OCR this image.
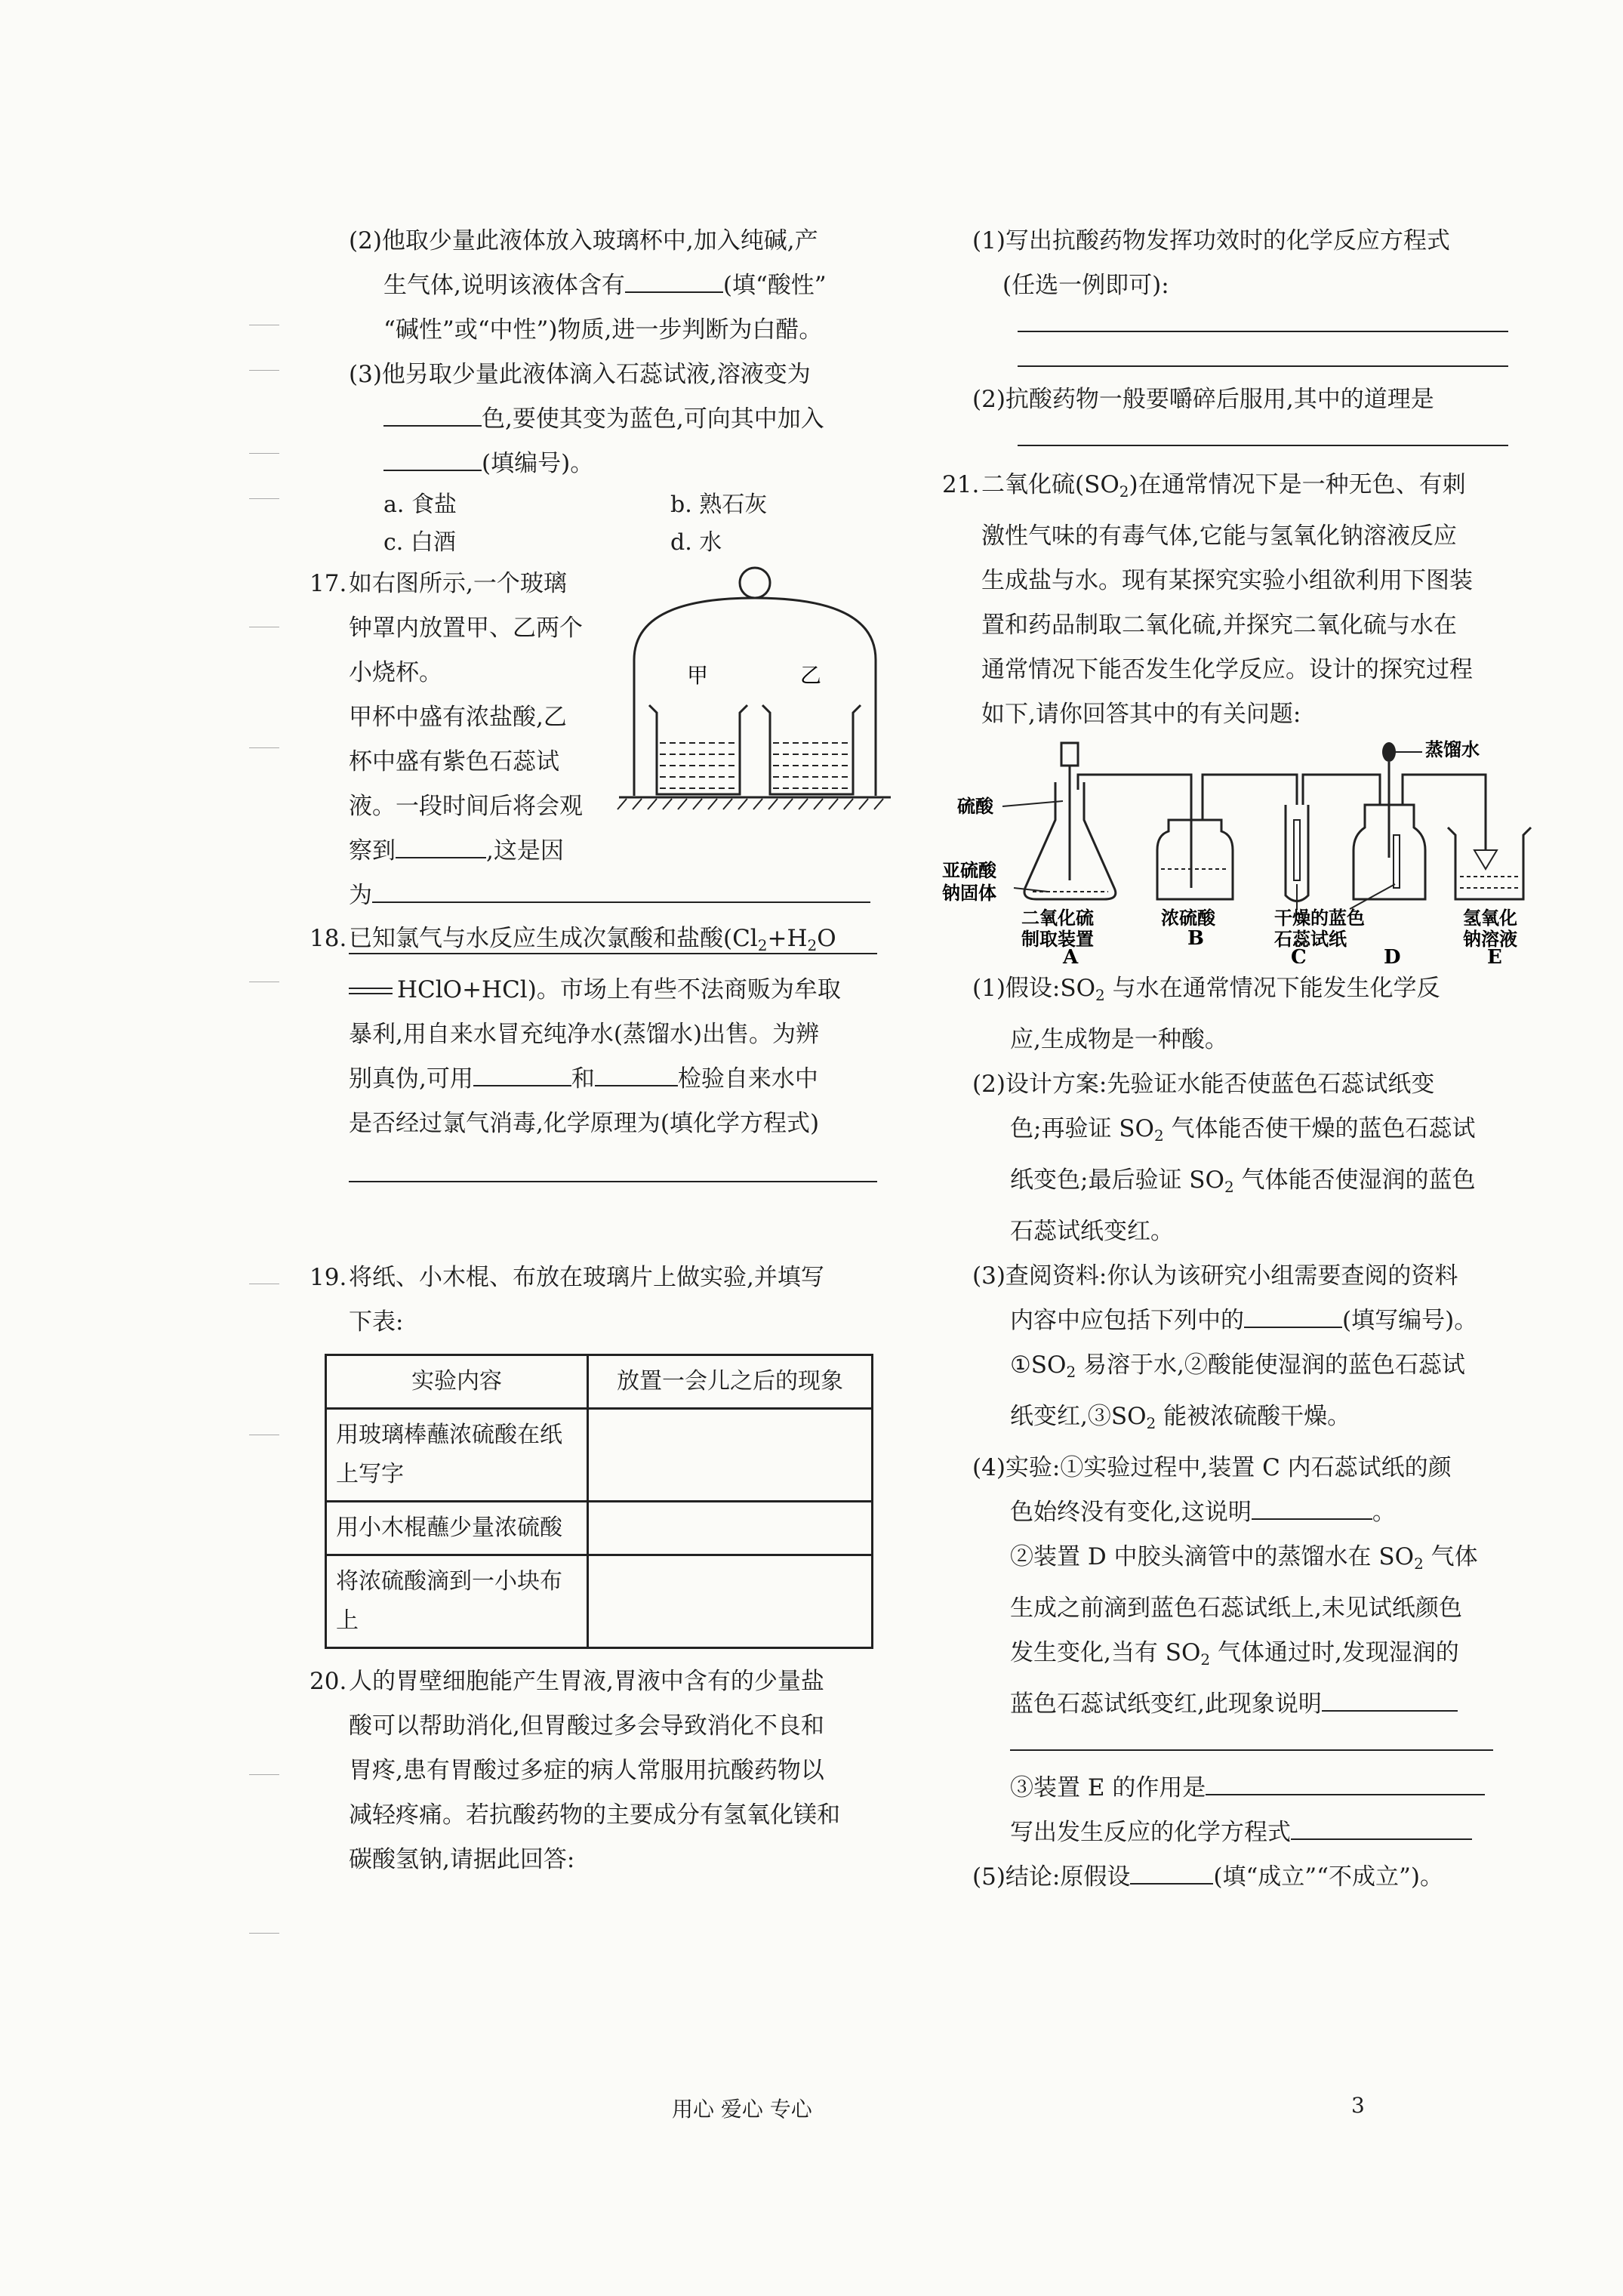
(2)他取少量此液体放入玻璃杯中,加入纯碱,产
生气体,说明该液体含有	(填“酸性”
“碱性”或“中性”)物质,进一步判断为白醋。
(3)他另取少量此液体滴入石蕊试液,溶液变为
色,要使其变为蓝色,可向其中加入
(填编号)。
a. 食盐	b. 熟石灰
c. 白酒	d. 水
17.如右图所示,一个玻璃
钟罩内放置甲、乙两个
小烧杯。
甲杯中盛有浓盐酸,乙
杯中盛有紫色石蕊试
液。一段时间后将会观
察到	,这是因
为
甲	乙
18.已知氯气与水反应生成次氯酸和盐酸($Cl_2+H_2O$
HClO+HCl)。市场上有些不法商贩为牟取
暴利,用自来水冒充纯净水(蒸馏水)出售。为辨
别真伪,可用	和	检验自来水中
是否经过氯气消毒,化学原理为(填化学方程式)
19.将纸、小木棍、布放在玻璃片上做实验,并填写
下表:
实验内容	放置一会儿之后的现象
用玻璃棒蘸浓硫酸在纸上写字	
用小木棍蘸少量浓硫酸	
将浓硫酸滴到一小块布上	
20.人的胃壁细胞能产生胃液,胃液中含有的少量盐
酸可以帮助消化,但胃酸过多会导致消化不良和
胃疼,患有胃酸过多症的病人常服用抗酸药物以
减轻疼痛。若抗酸药物的主要成分有氢氧化镁和
碳酸氢钠,请据此回答:
(1)写出抗酸药物发挥功效时的化学反应方程式
(任选一例即可):
(2)抗酸药物一般要嚼碎后服用,其中的道理是
21.二氧化硫$(SO_2)$在通常情况下是一种无色、有刺
激性气味的有毒气体,它能与氢氧化钠溶液反应
生成盐与水。现有某探究实验小组欲利用下图装
置和药品制取二氧化硫,并探究二氧化硫与水在
通常情况下能否发生化学反应。设计的探究过程
如下,请你回答其中的有关问题:
硫酸
蒸馏水
亚硫酸
钠固体
二氧化硫
制取装置
浓硫酸	干燥的蓝色
石蕊试纸
氢氧化
钠溶液
A
B
C	D	E
(1)假设$:SO_2$ 与水在通常情况下能发生化学反
应,生成物是一种酸。
(2)设计方案:先验证水能否使蓝色石蕊试纸变
色;再验证 $SO_2$ 气体能否使干燥的蓝色石蕊试
纸变色;最后验证 $SO_2$ 气体能否使湿润的蓝色
石蕊试纸变红。
(3)查阅资料:你认为该研究小组需要查阅的资料
内容中应包括下列中的	(填写编号)。
$①SO_2$ 易溶于水,②酸能使湿润的蓝色石蕊试
纸变红$,③SO_2$ 能被浓硫酸干燥。
(4)实验:①实验过程中,装置 C 内石蕊试纸的颜
色始终没有变化,这说明	。
②装置 D 中胶头滴管中的蒸馏水在 $SO_2$ 气体
生成之前滴到蓝色石蕊试纸上,未见试纸颜色
发生变化,当有 $SO_2$ 气体通过时,发现湿润的
蓝色石蕊试纸变红,此现象说明
③装置 E 的作用是
写出发生反应的化学方程式
(5)结论:原假设	(填“成立”“不成立”)。
用心 爱心 专心	3
